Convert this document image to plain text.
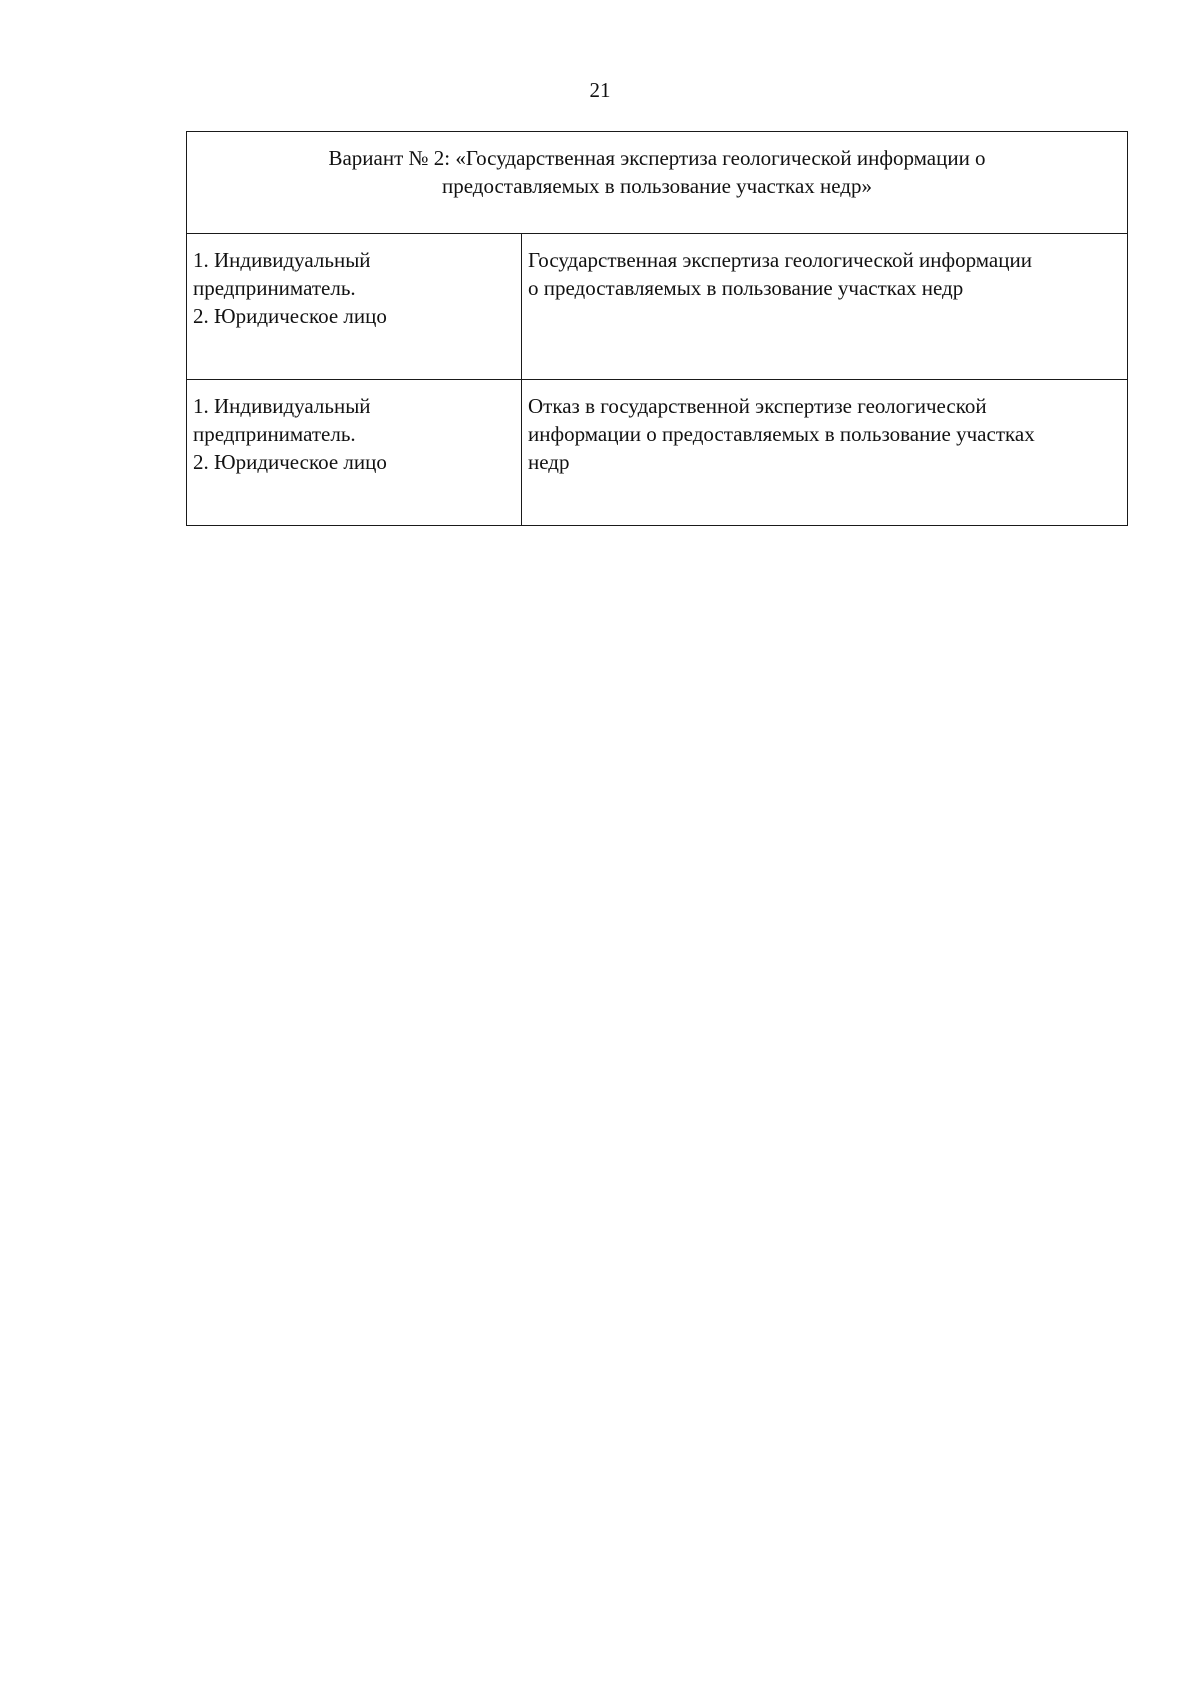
21
Вариант № 2: «Государственная экспертиза геологической информации о
предоставляемых в пользование участках недр»	

1. Индивидуальный
предприниматель.
2. Юридическое лицо	Государственная экспертиза геологической информации
о предоставляемых в пользование участках недр

1. Индивидуальный
предприниматель.
2. Юридическое лицо	Отказ в государственной экспертизе геологической
информации о предоставляемых в пользование участках
недр
